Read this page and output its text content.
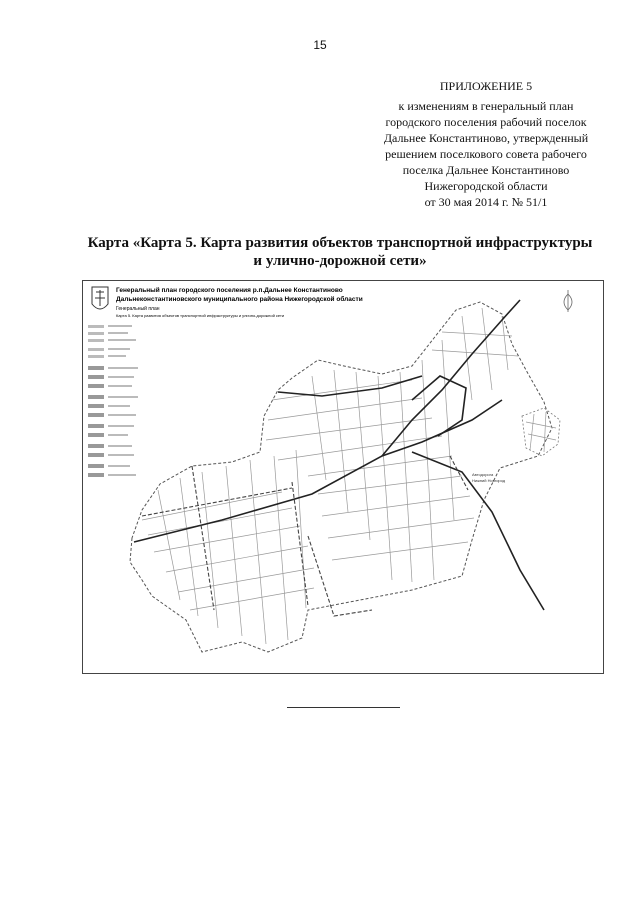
15
ПРИЛОЖЕНИЕ 5
к изменениям в генеральный план
городского поселения рабочий поселок
Дальнее Константиново, утвержденный
решением поселкового совета рабочего
поселка Дальнее Константиново
Нижегородской области
от 30 мая 2014 г. № 51/1
Карта «Карта 5. Карта развития объектов транспортной инфраструктуры
и улично-дорожной сети»
Генеральный план городского поселения р.п.Дальнее Константиново
Дальнеконстантиновского муниципального района Нижегородской области
Генеральный план
Карта 5. Карта развития объектов транспортной инфраструктуры и улично-дорожной сети
Автодорога
Нижний Новгород
